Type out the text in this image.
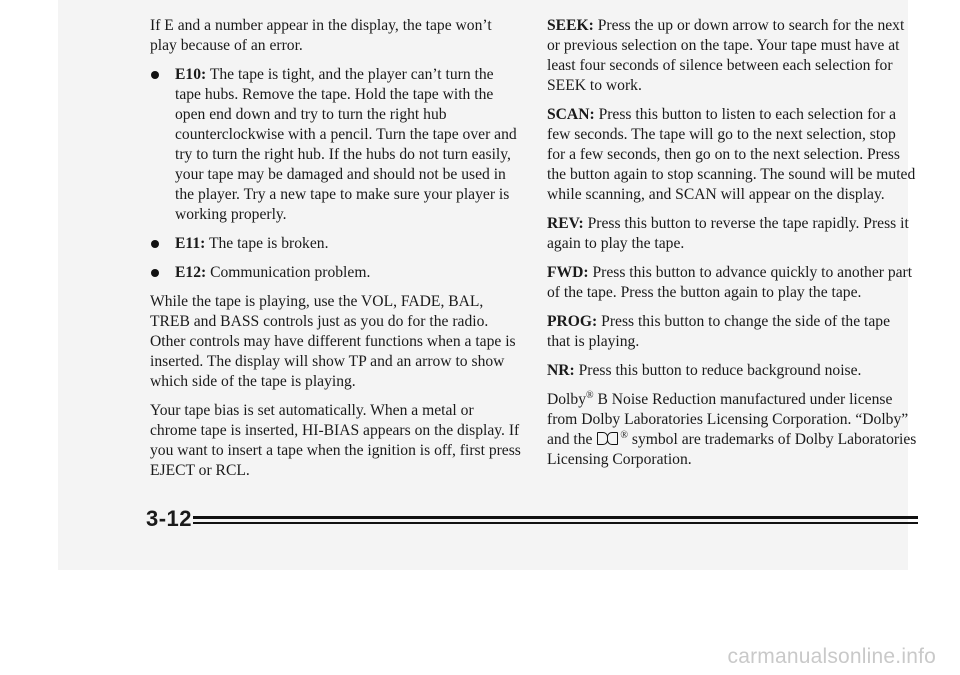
If E and a number appear in the display, the tape won’t play because of an error.

E10: The tape is tight, and the player can’t turn the tape hubs. Remove the tape. Hold the tape with the open end down and try to turn the right hub counterclockwise with a pencil. Turn the tape over and try to turn the right hub. If the hubs do not turn easily, your tape may be damaged and should not be used in the player. Try a new tape to make sure your player is working properly.
E11: The tape is broken.
E12: Communication problem.

While the tape is playing, use the VOL, FADE, BAL, TREB and BASS controls just as you do for the radio. Other controls may have different functions when a tape is inserted. The display will show TP and an arrow to show which side of the tape is playing.

Your tape bias is set automatically. When a metal or chrome tape is inserted, HI-BIAS appears on the display. If you want to insert a tape when the ignition is off, first press EJECT or RCL.

SEEK: Press the up or down arrow to search for the next or previous selection on the tape. Your tape must have at least four seconds of silence between each selection for SEEK to work.

SCAN: Press this button to listen to each selection for a few seconds. The tape will go to the next selection, stop for a few seconds, then go on to the next selection. Press the button again to stop scanning. The sound will be muted while scanning, and SCAN will appear on the display.

REV: Press this button to reverse the tape rapidly. Press it again to play the tape.

FWD: Press this button to advance quickly to another part of the tape. Press the button again to play the tape.

PROG: Press this button to change the side of the tape that is playing.

NR: Press this button to reduce background noise.

Dolby® B Noise Reduction manufactured under license from Dolby Laboratories Licensing Corporation. “Dolby” and the
® symbol are trademarks of Dolby Laboratories Licensing Corporation.

3-12
carmanualsonline.info
